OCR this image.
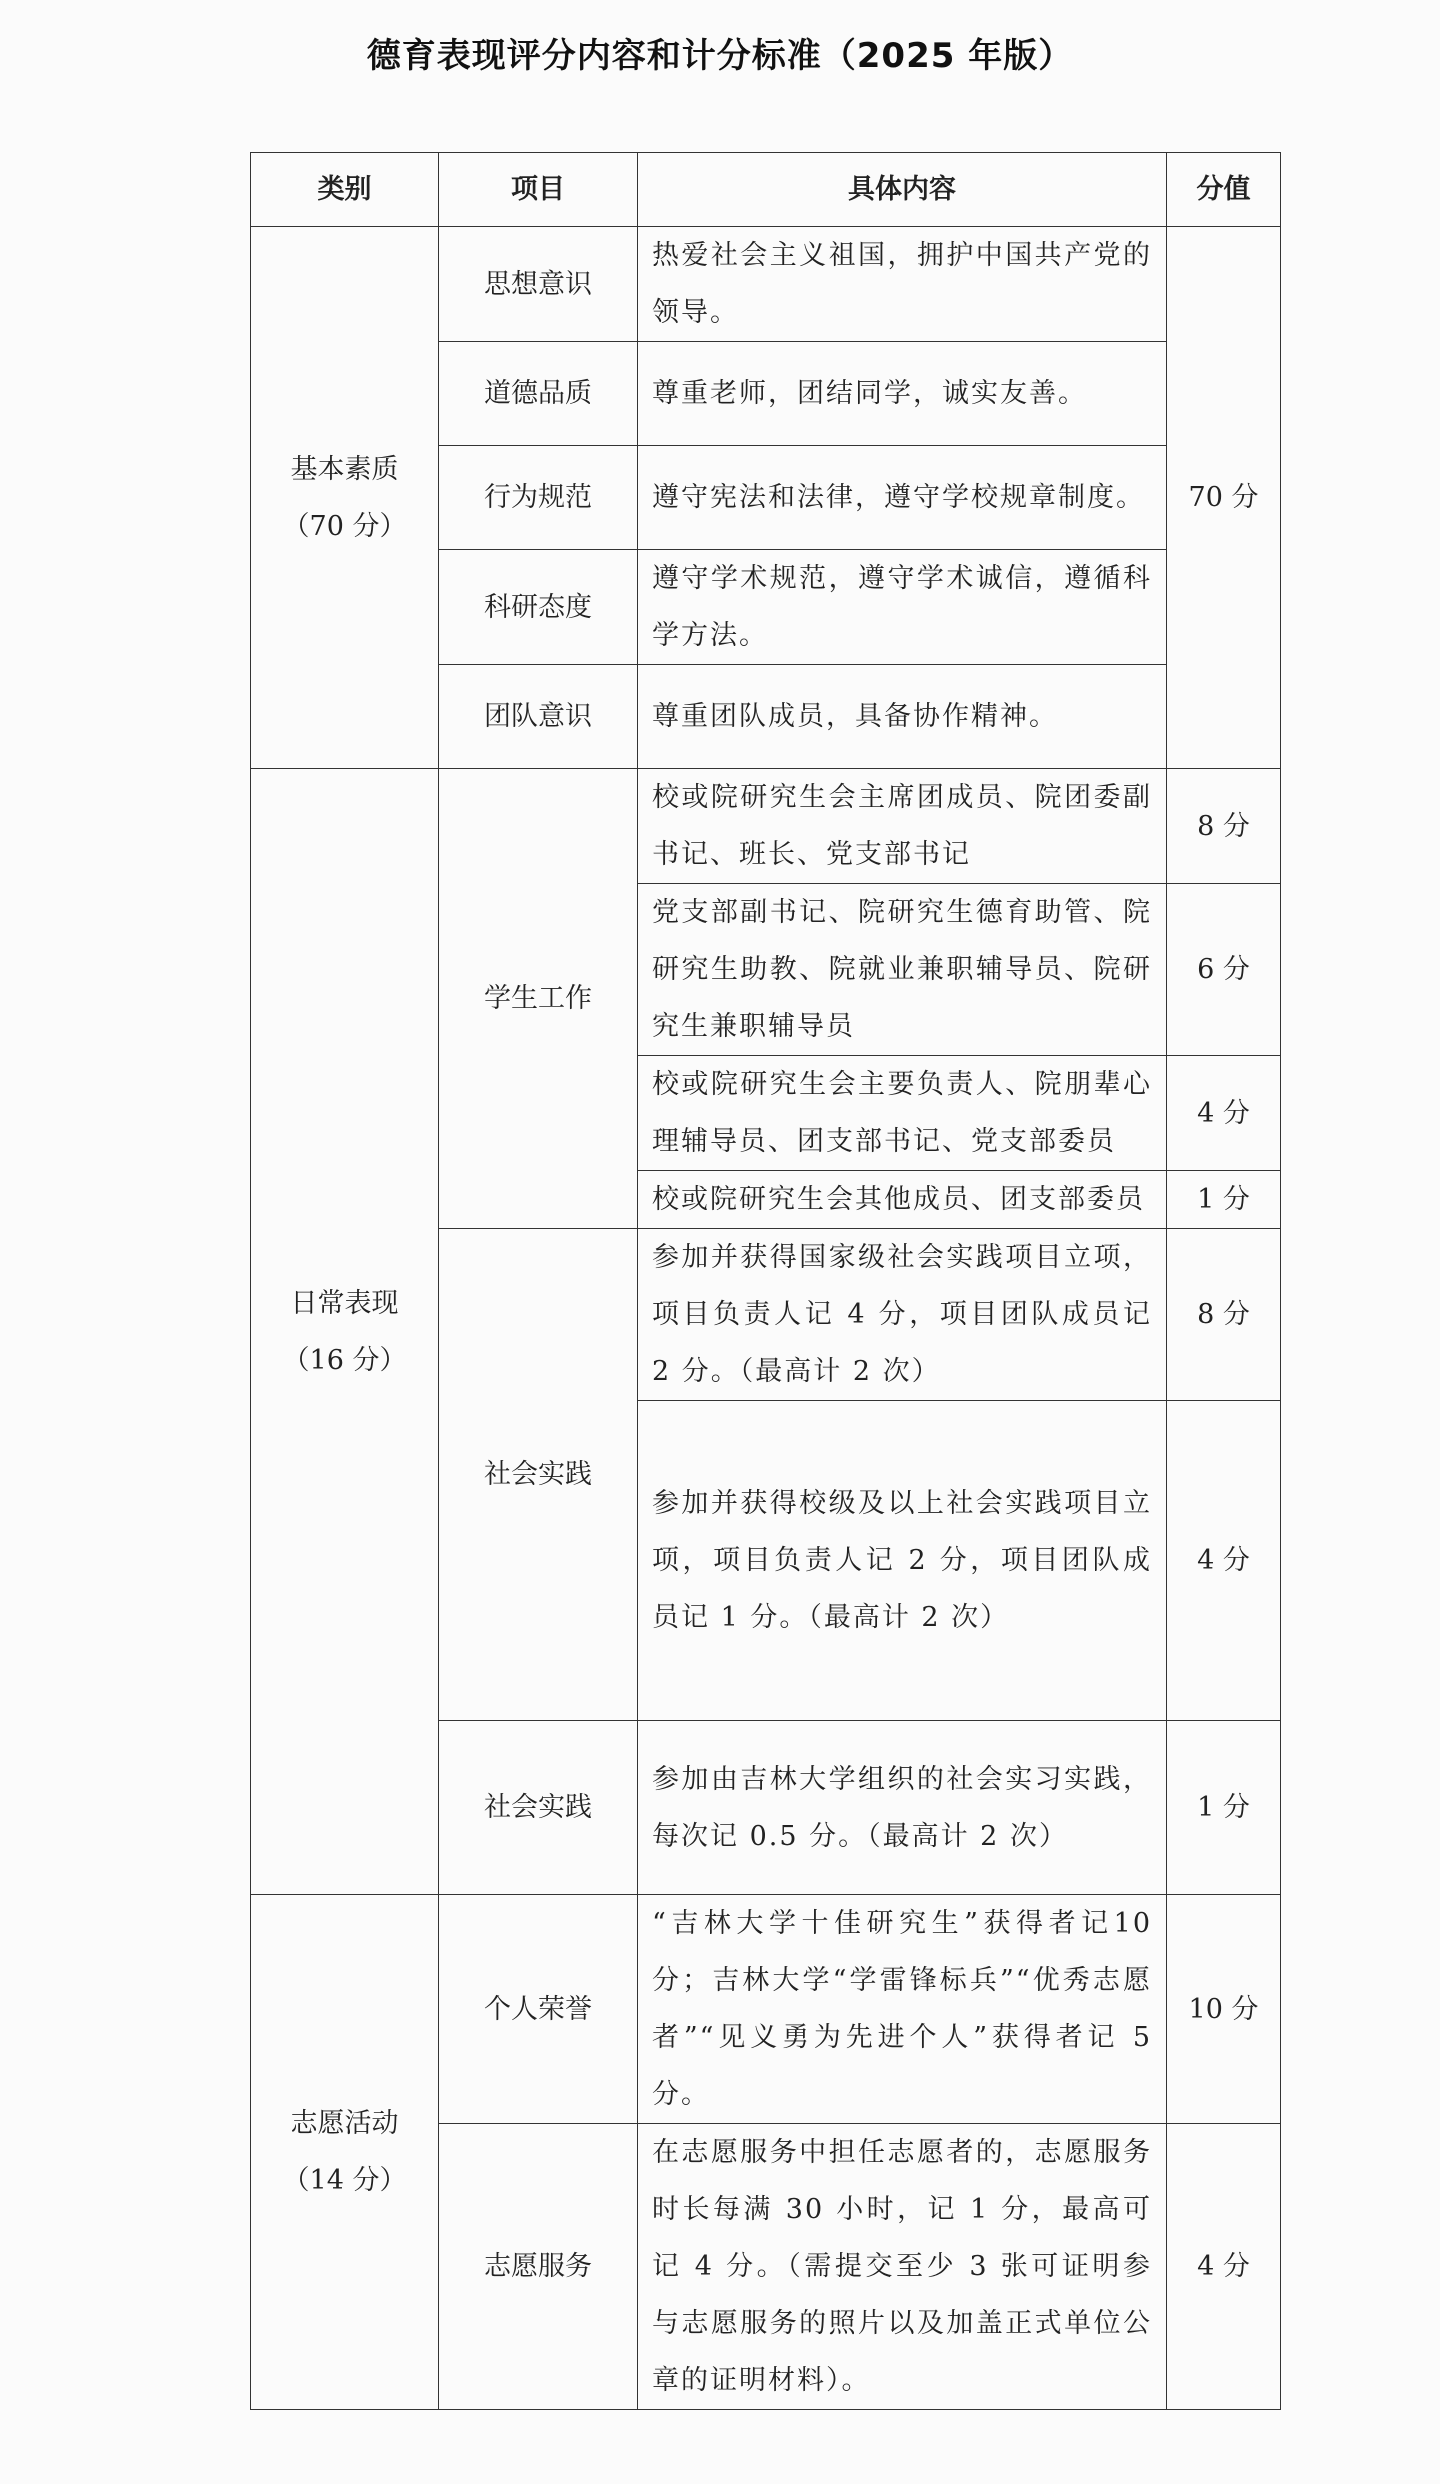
德育表现评分内容和计分标准（2025 年版）
类别	项目	具体内容	分值

基本素质
（70 分）	思想意识	热爱社会主义祖国，拥护中国共产党的领导。	70 分
	道德品质	尊重老师，团结同学，诚实友善。	
	行为规范	遵守宪法和法律，遵守学校规章制度。	
	科研态度	遵守学术规范，遵守学术诚信，遵循科学方法。	
	团队意识	尊重团队成员，具备协作精神。	

日常表现
（16 分）	学生工作	校或院研究生会主席团成员、院团委副书记、班长、党支部书记	8 分
		党支部副书记、院研究生德育助管、院研究生助教、院就业兼职辅导员、院研究生兼职辅导员	6 分
		校或院研究生会主要负责人、院朋辈心理辅导员、团支部书记、党支部委员	4 分
		校或院研究生会其他成员、团支部委员	1 分
	社会实践	参加并获得国家级社会实践项目立项，项目负责人记 4 分，项目团队成员记 2 分。（最高计 2 次）	8 分
		参加并获得校级及以上社会实践项目立项，项目负责人记 2 分，项目团队成员记 1 分。（最高计 2 次）	4 分
	社会实践	参加由吉林大学组织的社会实习实践，每次记 0.5 分。（最高计 2 次）	1 分

志愿活动
（14 分）	个人荣誉	“吉林大学十佳研究生”获得者记10分；吉林大学“学雷锋标兵”“优秀志愿者”“见义勇为先进个人”获得者记 5 分。	10 分
	志愿服务	在志愿服务中担任志愿者的，志愿服务时长每满 30 小时，记 1 分，最高可记 4 分。（需提交至少 3 张可证明参与志愿服务的照片以及加盖正式单位公章的证明材料）。	4 分
